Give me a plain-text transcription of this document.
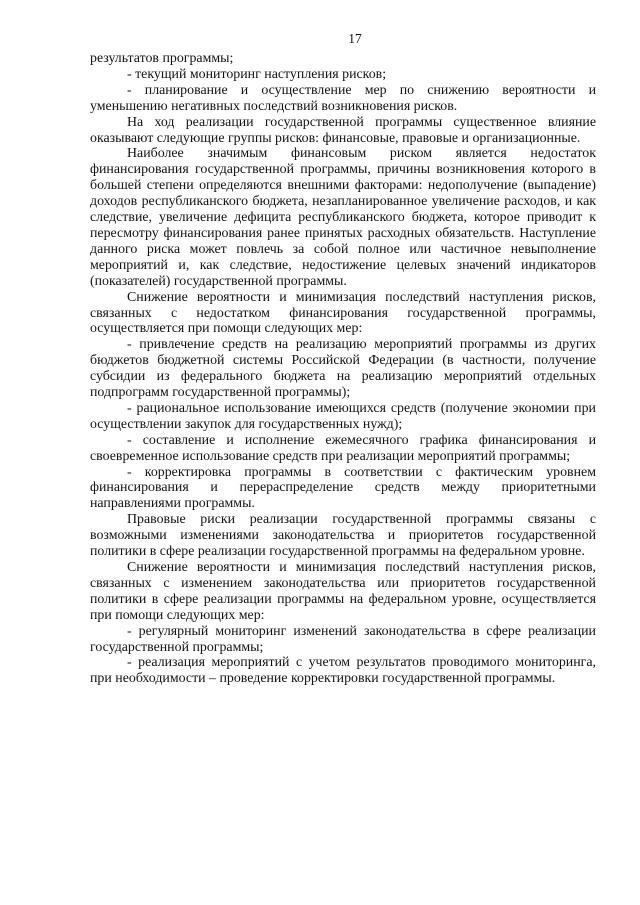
17

результатов программы;

- текущий мониторинг наступления рисков;

- планирование и осуществление мер по снижению вероятности и уменьшению негативных последствий возникновения рисков.

На ход реализации государственной программы существенное влияние оказывают следующие группы рисков: финансовые, правовые и организационные.

Наиболее значимым финансовым риском является недостаток финансирования государственной программы, причины возникновения которого в большей степени определяются внешними факторами: недополучение (выпадение) доходов республиканского бюджета, незапланированное увеличение расходов, и как следствие, увеличение дефицита республиканского бюджета, которое приводит к пересмотру финансирования ранее принятых расходных обязательств. Наступление данного риска может повлечь за собой полное или частичное невыполнение мероприятий и, как следствие, недостижение целевых значений индикаторов (показателей) государственной программы.

Снижение вероятности и минимизация последствий наступления рисков, связанных с недостатком финансирования государственной программы, осуществляется при помощи следующих мер:

- привлечение средств на реализацию мероприятий программы из других бюджетов бюджетной системы Российской Федерации (в частности, получение субсидии из федерального бюджета на реализацию мероприятий отдельных подпрограмм государственной программы);

- рациональное использование имеющихся средств (получение экономии при осуществлении закупок для государственных нужд);

- составление и исполнение ежемесячного графика финансирования и своевременное использование средств при реализации мероприятий программы;

- корректировка программы в соответствии с фактическим уровнем финансирования и перераспределение средств между приоритетными направлениями программы.

Правовые риски реализации государственной программы связаны с возможными изменениями законодательства и приоритетов государственной политики в сфере реализации государственной программы на федеральном уровне.

Снижение вероятности и минимизация последствий наступления рисков, связанных с изменением законодательства или приоритетов государственной политики в сфере реализации программы на федеральном уровне, осуществляется при помощи следующих мер:

- регулярный мониторинг изменений законодательства в сфере реализации государственной программы;

- реализация мероприятий с учетом результатов проводимого мониторинга, при необходимости – проведение корректировки государственной программы.
